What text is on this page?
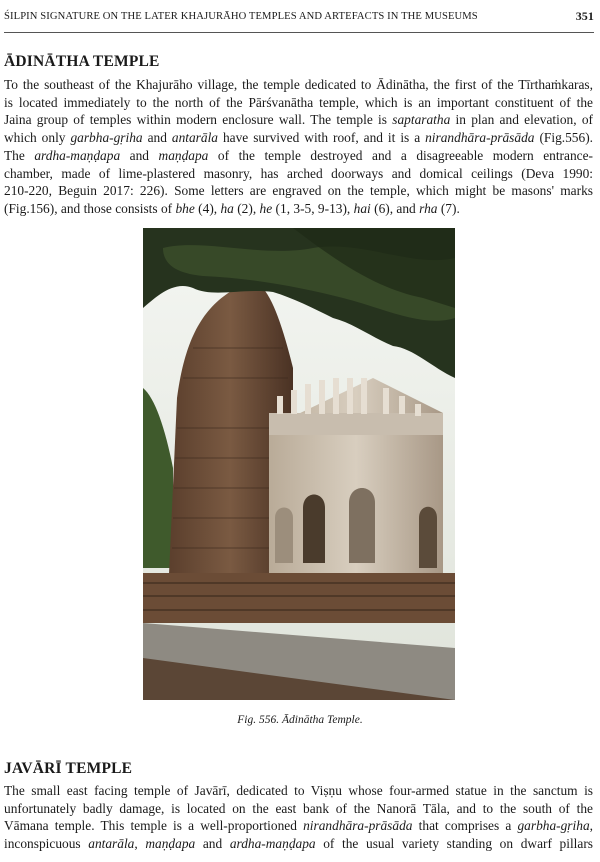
ŚILPIN SIGNATURE ON THE LATER KHAJURĀHO TEMPLES AND ARTEFACTS IN THE MUSEUMS	351
ĀDINĀTHA TEMPLE
To the southeast of the Khajurāho village, the temple dedicated to Ādinātha, the first of the Tīrthaṁkaras,
is located immediately to the north of the Pārśvanātha temple, which is an important constituent of the
Jaina group of temples within modern enclosure wall. The temple is saptaratha in plan and elevation, of
which only garbha-gṛiha and antarāla have survived with roof, and it is a nirandhāra-prāsāda (Fig.556).
The ardha-maṇḍapa and maṇḍapa of the temple destroyed and a disagreeable modern entrance-
chamber, made of lime-plastered masonry, has arched doorways and domical ceilings (Deva 1990:
210-220, Beguin 2017: 226). Some letters are engraved on the temple, which might be masons' marks
(Fig.156), and those consists of bhe (4), ha (2), he (1, 3-5, 9-13), hai (6), and rha (7).
Fig. 556. Ādinātha Temple.
JAVĀRĪ TEMPLE
The small east facing temple of Javārī, dedicated to Viṣṇu whose four-armed statue in the sanctum is
unfortunately badly damage, is located on the east bank of the Nanorā Tāla, and to the south of the
Vāmana temple. This temple is a well-proportioned nirandhāra-prāsāda that comprises a garbha-gṛiha,
inconspicuous antarāla, maṇḍapa and ardha-maṇḍapa of the usual variety standing on dwarf pillars
